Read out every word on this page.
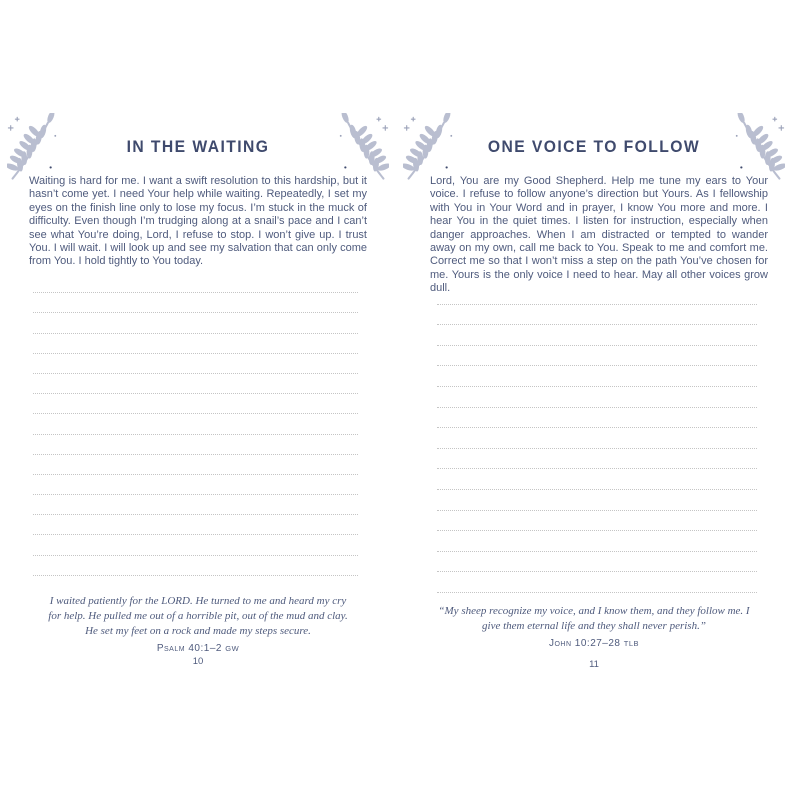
IN THE WAITING

Waiting is hard for me. I want a swift resolution to this hardship, but it hasn’t come yet. I need Your help while waiting. Repeatedly, I set my eyes on the finish line only to lose my focus. I’m stuck in the muck of difficulty. Even though I’m trudging along at a snail’s pace and I can’t see what You’re doing, Lord, I refuse to stop. I won’t give up. I trust You. I will wait. I will look up and see my salvation that can only come from You. I hold tightly to You today.

I waited patiently for the LORD. He turned to me and heard my cry for help. He pulled me out of a horrible pit, out of the mud and clay. He set my feet on a rock and made my steps secure.

Psalm 40:1–2 GW

10
ONE VOICE TO FOLLOW

Lord, You are my Good Shepherd. Help me tune my ears to Your voice. I refuse to follow anyone’s direction but Yours. As I fellowship with You in Your Word and in prayer, I know You more and more. I hear You in the quiet times. I listen for instruction, especially when danger approaches. When I am distracted or tempted to wander away on my own, call me back to You. Speak to me and comfort me. Correct me so that I won’t miss a step on the path You’ve chosen for me. Yours is the only voice I need to hear. May all other voices grow dull.

“My sheep recognize my voice, and I know them, and they follow me. I give them eternal life and they shall never perish.”

John 10:27–28 TLB

11
